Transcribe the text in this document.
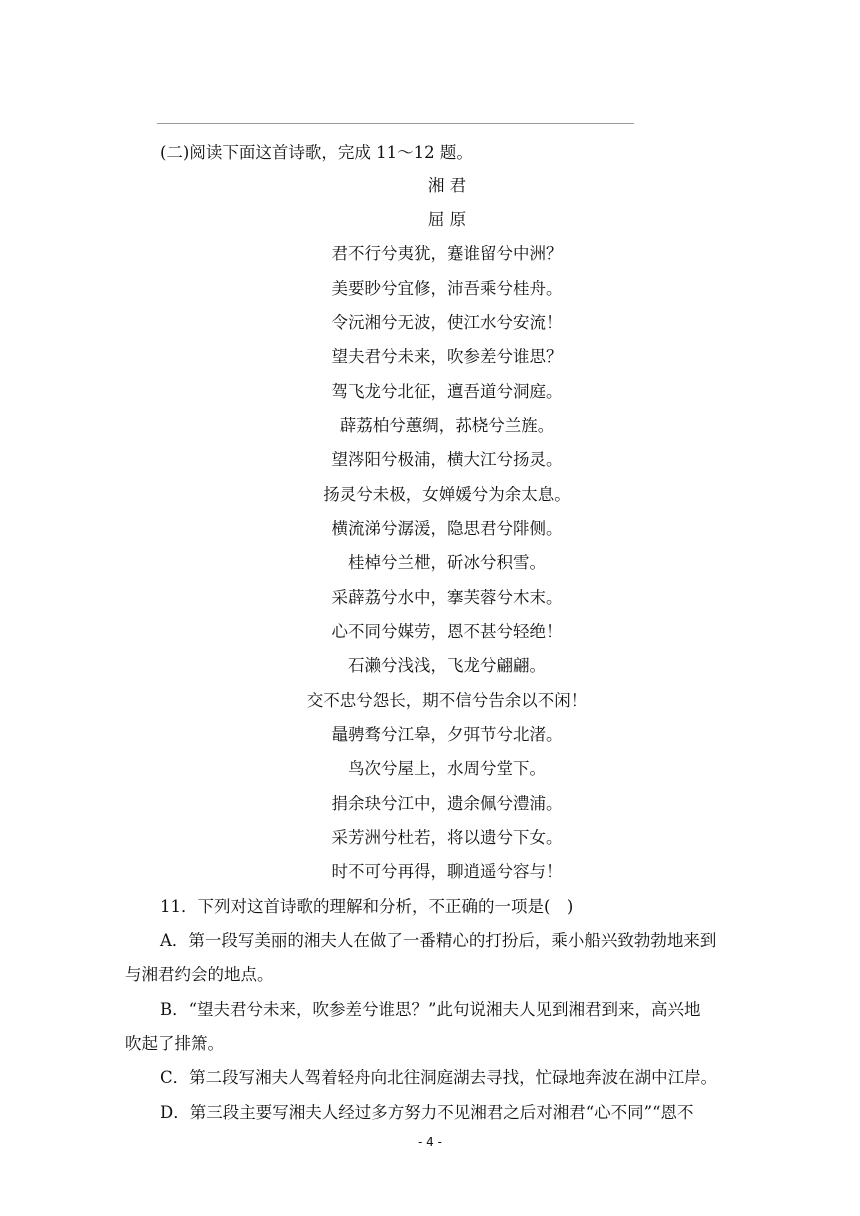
(二)阅读下面这首诗歌，完成 11～12 题。
湘 君
屈 原
君不行兮夷犹，蹇谁留兮中洲？
美要眇兮宜修，沛吾乘兮桂舟。
令沅湘兮无波，使江水兮安流！
望夫君兮未来，吹参差兮谁思？
驾飞龙兮北征，邅吾道兮洞庭。
薜荔柏兮蕙绸，荪桡兮兰旌。
望涔阳兮极浦，横大江兮扬灵。
扬灵兮未极，女婵媛兮为余太息。
横流涕兮潺湲，隐思君兮陫侧。
桂棹兮兰枻，斫冰兮积雪。
采薜荔兮水中，搴芙蓉兮木末。
心不同兮媒劳，恩不甚兮轻绝！
石濑兮浅浅，飞龙兮翩翩。
交不忠兮怨长，期不信兮告余以不闲！
鼂骋骛兮江皋，夕弭节兮北渚。
鸟次兮屋上，水周兮堂下。
捐余玦兮江中，遗余佩兮澧浦。
采芳洲兮杜若，将以遗兮下女。
时不可兮再得，聊逍遥兮容与！
11．下列对这首诗歌的理解和分析，不正确的一项是(　)
A．第一段写美丽的湘夫人在做了一番精心的打扮后，乘小船兴致勃勃地来到
与湘君约会的地点。
B．“望夫君兮未来，吹参差兮谁思？”此句说湘夫人见到湘君到来，高兴地
吹起了排箫。
C．第二段写湘夫人驾着轻舟向北往洞庭湖去寻找，忙碌地奔波在湖中江岸。
D．第三段主要写湘夫人经过多方努力不见湘君之后对湘君“心不同”“恩不
- 4 -
